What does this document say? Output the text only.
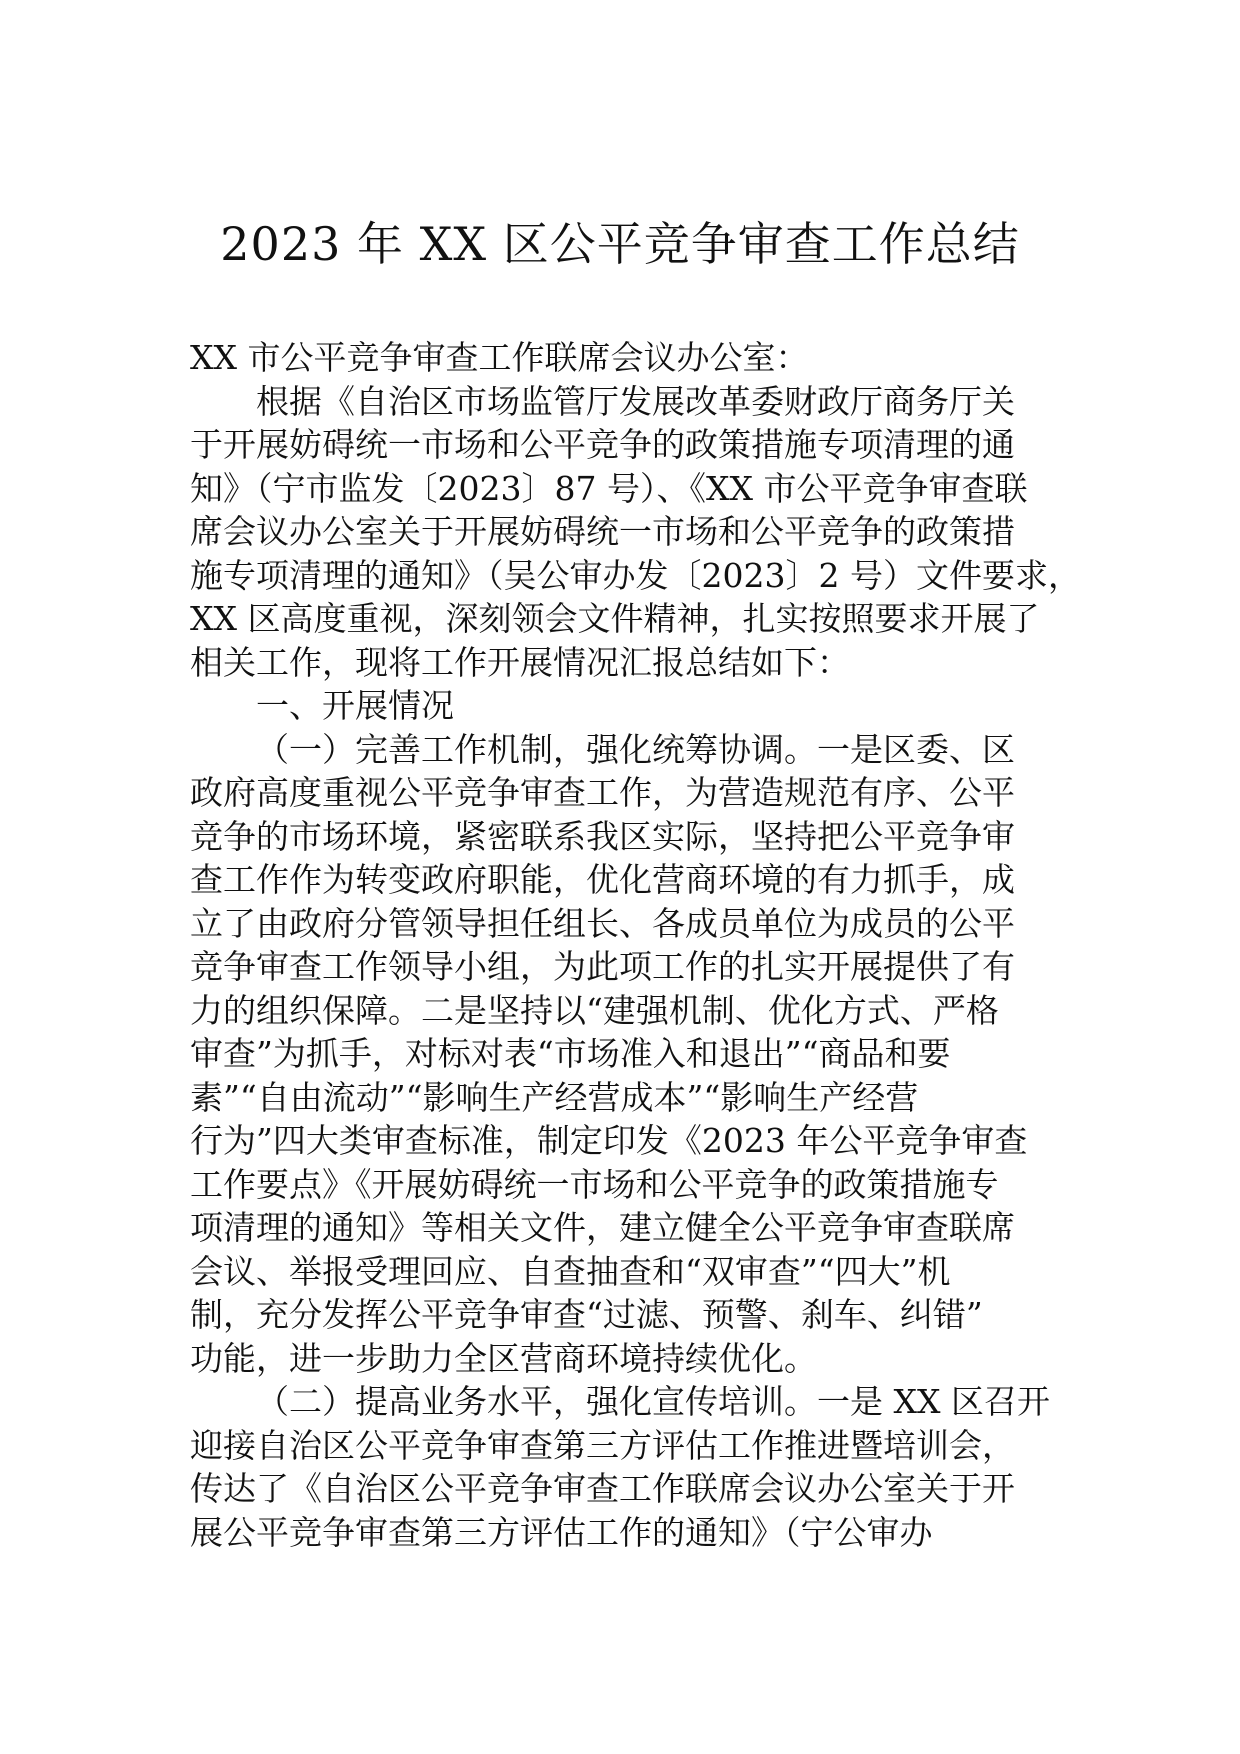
2023 年 XX 区公平竞争审查工作总结
XX 市公平竞争审查工作联席会议办公室：
根据《自治区市场监管厅发展改革委财政厅商务厅关
于开展妨碍统一市场和公平竞争的政策措施专项清理的通
知》（宁市监发〔2023〕87 号）、《XX 市公平竞争审查联
席会议办公室关于开展妨碍统一市场和公平竞争的政策措
施专项清理的通知》（吴公审办发〔2023〕2 号）文件要求，
XX 区高度重视，深刻领会文件精神，扎实按照要求开展了
相关工作，现将工作开展情况汇报总结如下：
一、开展情况
（一）完善工作机制，强化统筹协调。一是区委、区
政府高度重视公平竞争审查工作，为营造规范有序、公平
竞争的市场环境，紧密联系我区实际，坚持把公平竞争审
查工作作为转变政府职能，优化营商环境的有力抓手，成
立了由政府分管领导担任组长、各成员单位为成员的公平
竞争审查工作领导小组，为此项工作的扎实开展提供了有
力的组织保障。二是坚持以“建强机制、优化方式、严格
审查”为抓手，对标对表“市场准入和退出”“商品和要
素”“自由流动”“影响生产经营成本”“影响生产经营
行为”四大类审查标准，制定印发《2023 年公平竞争审查
工作要点》《开展妨碍统一市场和公平竞争的政策措施专
项清理的通知》等相关文件，建立健全公平竞争审查联席
会议、举报受理回应、自查抽查和“双审查”“四大”机
制，充分发挥公平竞争审查“过滤、预警、刹车、纠错”
功能，进一步助力全区营商环境持续优化。
（二）提高业务水平，强化宣传培训。一是 XX 区召开
迎接自治区公平竞争审查第三方评估工作推进暨培训会，
传达了《自治区公平竞争审查工作联席会议办公室关于开
展公平竞争审查第三方评估工作的通知》（宁公审办
